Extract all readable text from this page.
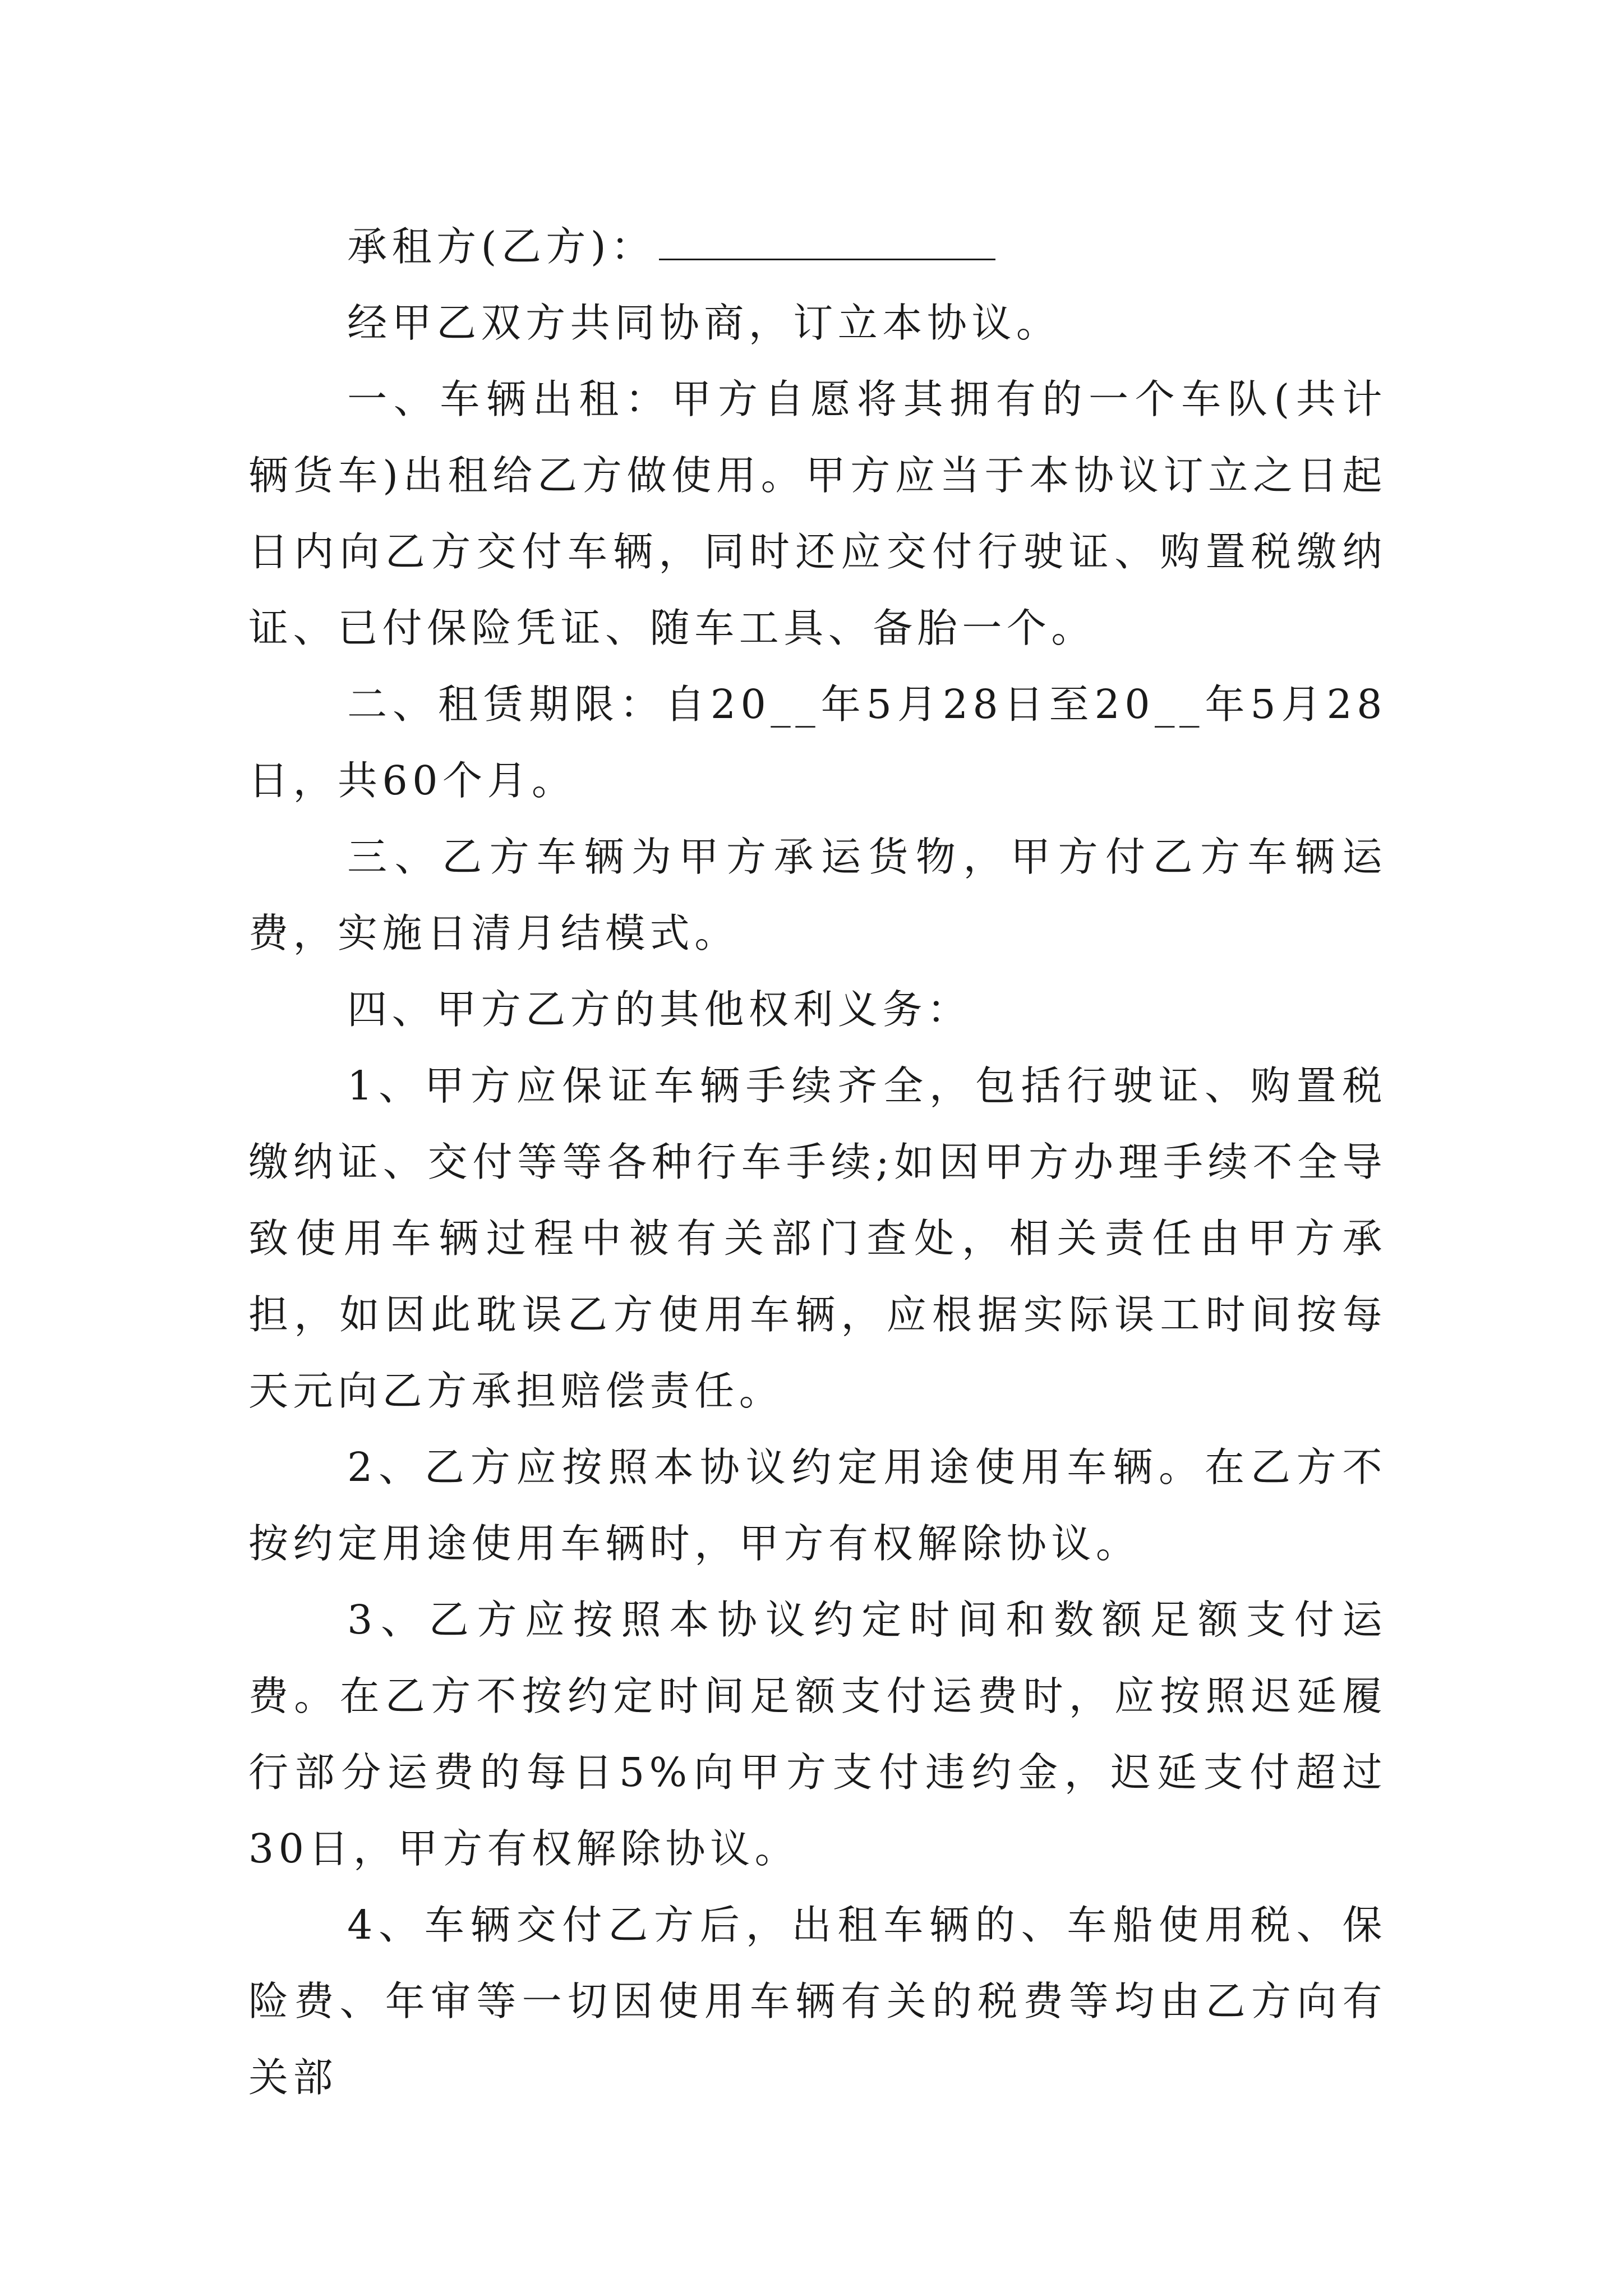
承租方(乙方)：

经甲乙双方共同协商，订立本协议。

一、车辆出租：甲方自愿将其拥有的一个车队(共计辆货车)出租给乙方做使用。甲方应当于本协议订立之日起日内向乙方交付车辆，同时还应交付行驶证、购置税缴纳证、已付保险凭证、随车工具、备胎一个。

二、租赁期限：自20__年5月28日至20__年5月28日，共60个月。

三、乙方车辆为甲方承运货物，甲方付乙方车辆运费，实施日清月结模式。

四、甲方乙方的其他权利义务：

1、甲方应保证车辆手续齐全，包括行驶证、购置税缴纳证、交付等等各种行车手续;如因甲方办理手续不全导致使用车辆过程中被有关部门查处，相关责任由甲方承担，如因此耽误乙方使用车辆，应根据实际误工时间按每天元向乙方承担赔偿责任。

2、乙方应按照本协议约定用途使用车辆。在乙方不按约定用途使用车辆时，甲方有权解除协议。

3、乙方应按照本协议约定时间和数额足额支付运费。在乙方不按约定时间足额支付运费时，应按照迟延履行部分运费的每日5%向甲方支付违约金，迟延支付超过30日，甲方有权解除协议。

4、车辆交付乙方后，出租车辆的、车船使用税、保险费、年审等一切因使用车辆有关的税费等均由乙方向有关部
